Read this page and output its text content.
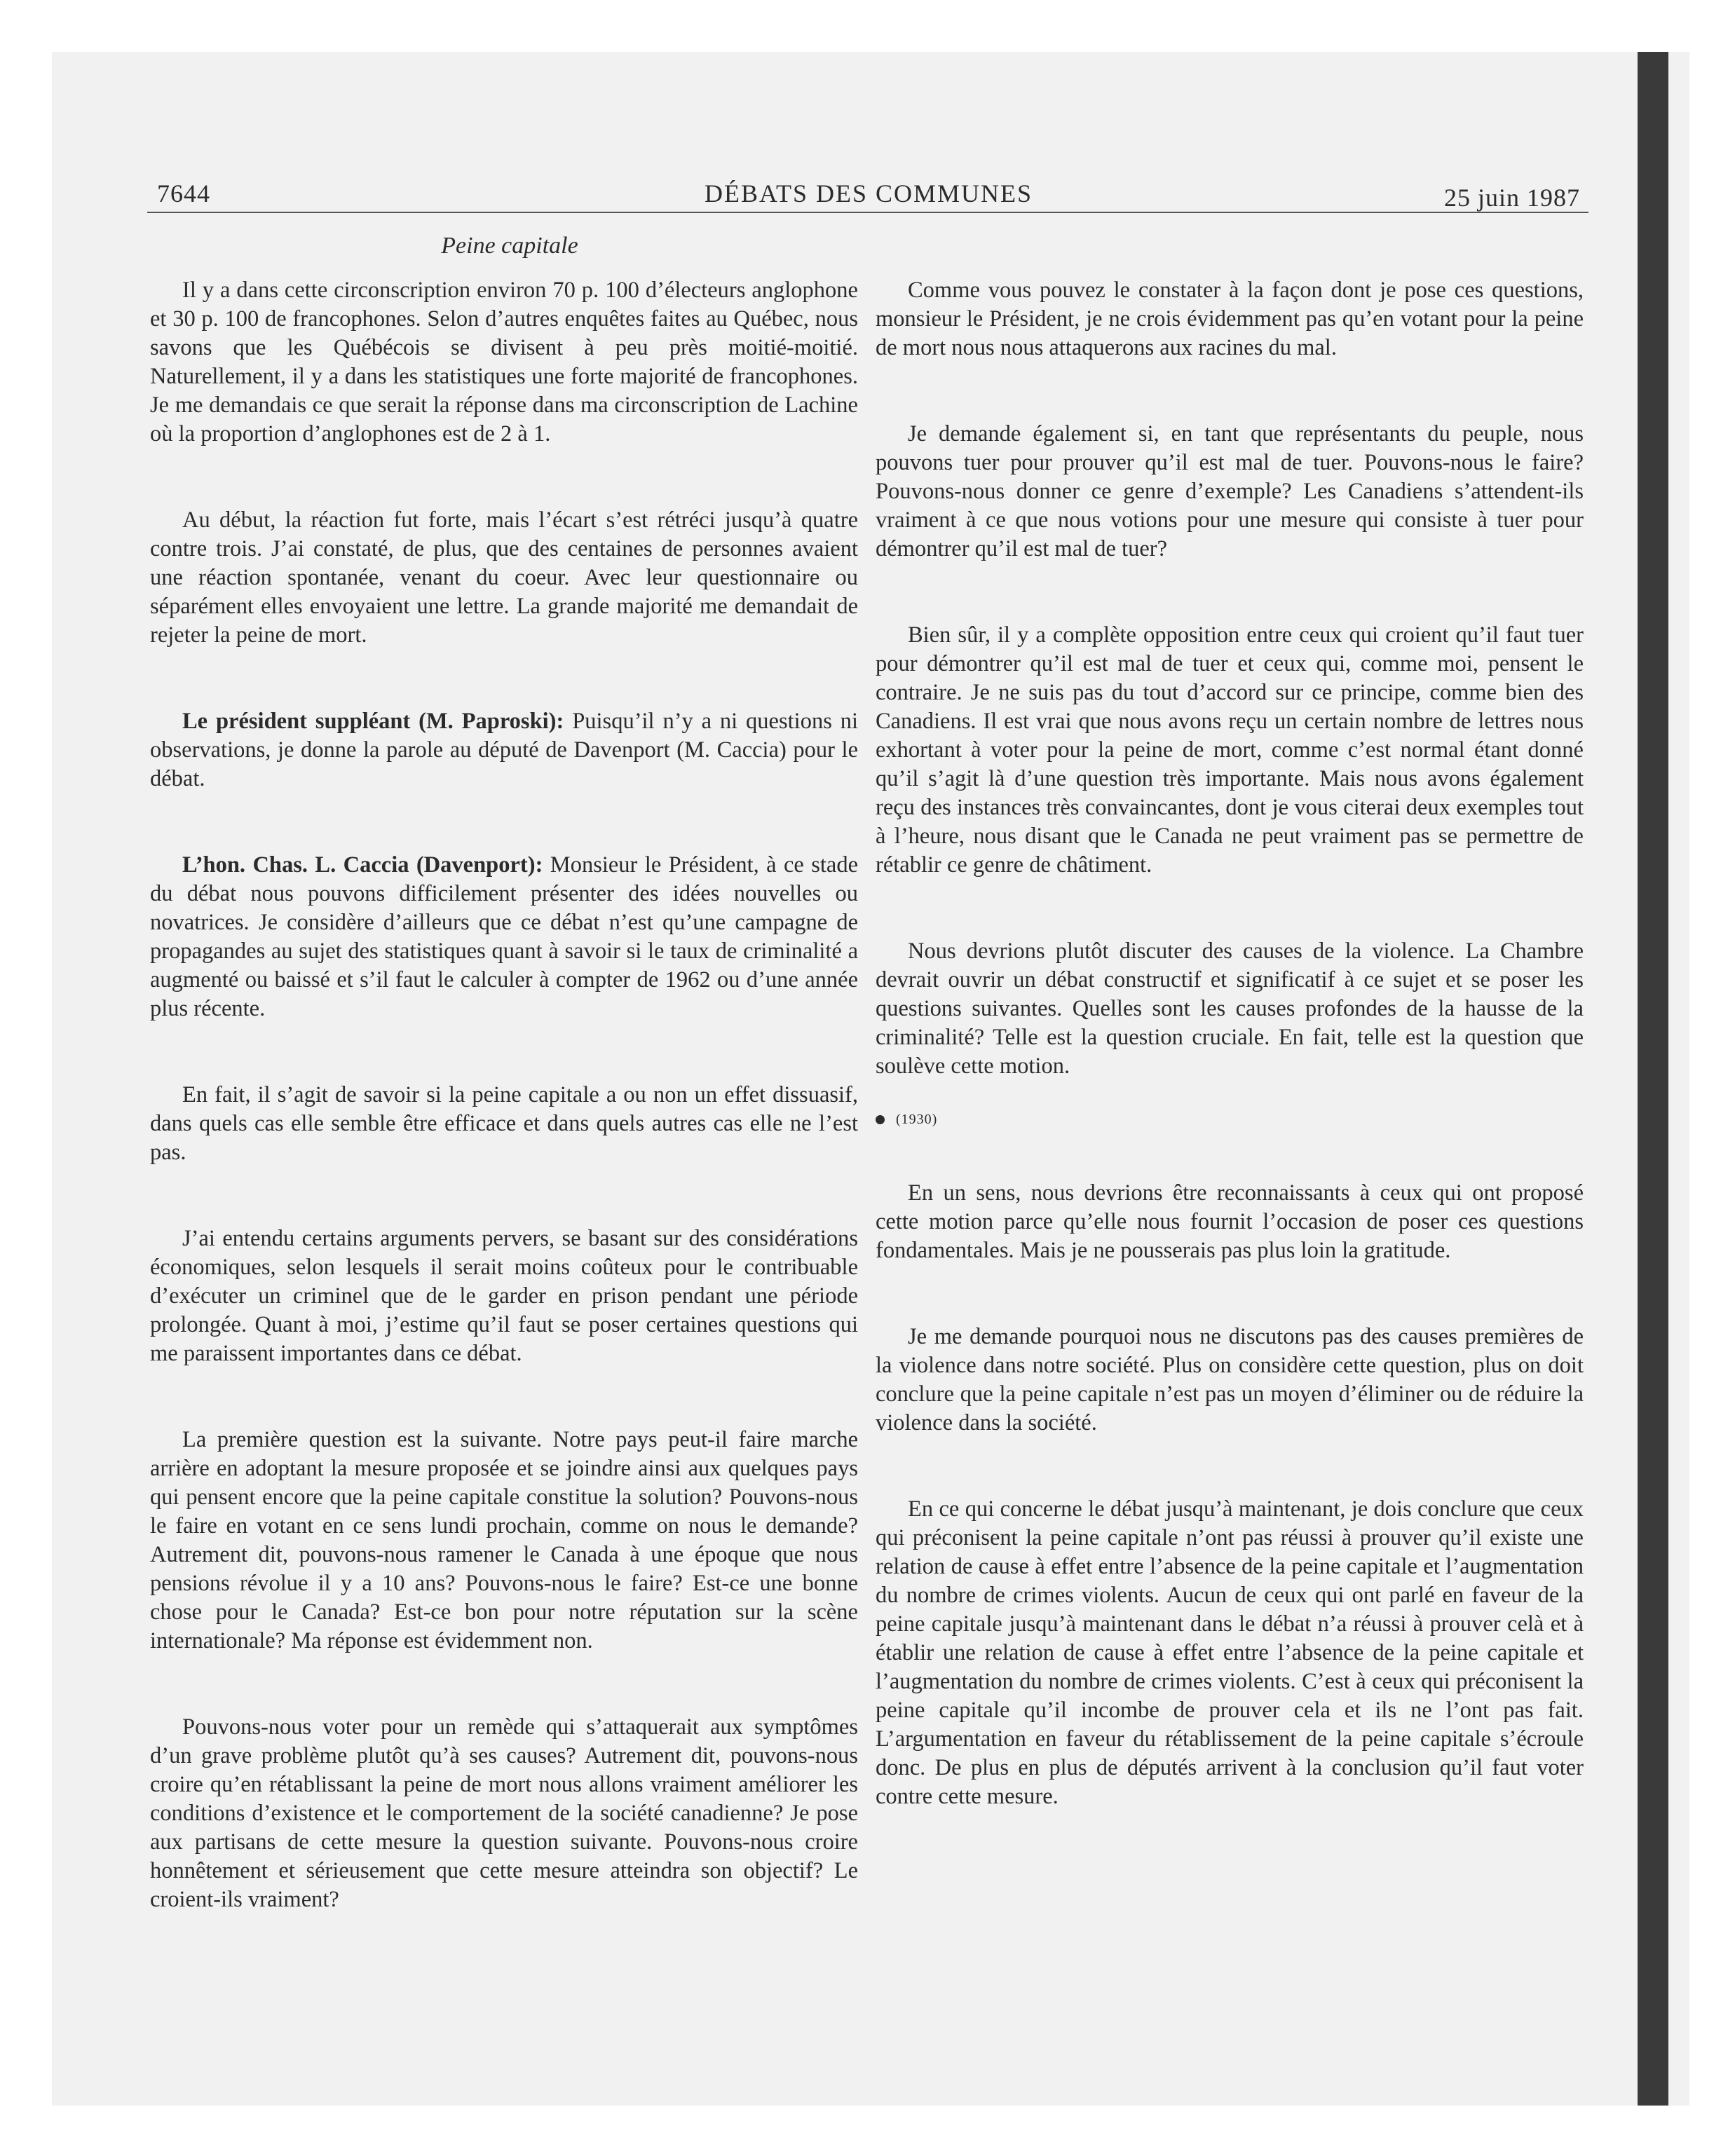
7644	DÉBATS DES COMMUNES	25 juin 1987
Peine capitale

Il y a dans cette circonscription environ 70 p. 100 d’électeurs anglophone et 30 p. 100 de francophones. Selon d’autres enquêtes faites au Québec, nous savons que les Québécois se divisent à peu près moitié-moitié. Naturellement, il y a dans les statistiques une forte majorité de francophones. Je me demandais ce que serait la réponse dans ma circonscription de Lachine où la proportion d’anglophones est de 2 à 1.

Au début, la réaction fut forte, mais l’écart s’est rétréci jusqu’à quatre contre trois. J’ai constaté, de plus, que des centaines de personnes avaient une réaction spontanée, venant du coeur. Avec leur questionnaire ou séparément elles envoyaient une lettre. La grande majorité me demandait de rejeter la peine de mort.

Le président suppléant (M. Paproski): Puisqu’il n’y a ni questions ni observations, je donne la parole au député de Davenport (M. Caccia) pour le débat.

L’hon. Chas. L. Caccia (Davenport): Monsieur le Président, à ce stade du débat nous pouvons difficilement présenter des idées nouvelles ou novatrices. Je considère d’ailleurs que ce débat n’est qu’une campagne de propagandes au sujet des statistiques quant à savoir si le taux de criminalité a augmenté ou baissé et s’il faut le calculer à compter de 1962 ou d’une année plus récente.

En fait, il s’agit de savoir si la peine capitale a ou non un effet dissuasif, dans quels cas elle semble être efficace et dans quels autres cas elle ne l’est pas.

J’ai entendu certains arguments pervers, se basant sur des considérations économiques, selon lesquels il serait moins coûteux pour le contribuable d’exécuter un criminel que de le garder en prison pendant une période prolongée. Quant à moi, j’estime qu’il faut se poser certaines questions qui me paraissent importantes dans ce débat.

La première question est la suivante. Notre pays peut-il faire marche arrière en adoptant la mesure proposée et se joindre ainsi aux quelques pays qui pensent encore que la peine capitale constitue la solution? Pouvons-nous le faire en votant en ce sens lundi prochain, comme on nous le demande? Autrement dit, pouvons-nous ramener le Canada à une époque que nous pensions révolue il y a 10 ans? Pouvons-nous le faire? Est-ce une bonne chose pour le Canada? Est-ce bon pour notre réputation sur la scène internationale? Ma réponse est évidemment non.

Pouvons-nous voter pour un remède qui s’attaquerait aux symptômes d’un grave problème plutôt qu’à ses causes? Autrement dit, pouvons-nous croire qu’en rétablissant la peine de mort nous allons vraiment améliorer les conditions d’existence et le comportement de la société canadienne? Je pose aux partisans de cette mesure la question suivante. Pouvons-nous croire honnêtement et sérieusement que cette mesure atteindra son objectif? Le croient-ils vraiment?

Comme vous pouvez le constater à la façon dont je pose ces questions, monsieur le Président, je ne crois évidemment pas qu’en votant pour la peine de mort nous nous attaquerons aux racines du mal.

Je demande également si, en tant que représentants du peuple, nous pouvons tuer pour prouver qu’il est mal de tuer. Pouvons-nous le faire? Pouvons-nous donner ce genre d’exemple? Les Canadiens s’attendent-ils vraiment à ce que nous votions pour une mesure qui consiste à tuer pour démontrer qu’il est mal de tuer?

Bien sûr, il y a complète opposition entre ceux qui croient qu’il faut tuer pour démontrer qu’il est mal de tuer et ceux qui, comme moi, pensent le contraire. Je ne suis pas du tout d’accord sur ce principe, comme bien des Canadiens. Il est vrai que nous avons reçu un certain nombre de lettres nous exhortant à voter pour la peine de mort, comme c’est normal étant donné qu’il s’agit là d’une question très importante. Mais nous avons également reçu des instances très convaincantes, dont je vous citerai deux exemples tout à l’heure, nous disant que le Canada ne peut vraiment pas se permettre de rétablir ce genre de châtiment.

Nous devrions plutôt discuter des causes de la violence. La Chambre devrait ouvrir un débat constructif et significatif à ce sujet et se poser les questions suivantes. Quelles sont les causes profondes de la hausse de la criminalité? Telle est la question cruciale. En fait, telle est la question que soulève cette motion.

(1930)

En un sens, nous devrions être reconnaissants à ceux qui ont proposé cette motion parce qu’elle nous fournit l’occasion de poser ces questions fondamentales. Mais je ne pousserais pas plus loin la gratitude.

Je me demande pourquoi nous ne discutons pas des causes premières de la violence dans notre société. Plus on considère cette question, plus on doit conclure que la peine capitale n’est pas un moyen d’éliminer ou de réduire la violence dans la société.

En ce qui concerne le débat jusqu’à maintenant, je dois conclure que ceux qui préconisent la peine capitale n’ont pas réussi à prouver qu’il existe une relation de cause à effet entre l’absence de la peine capitale et l’augmentation du nombre de crimes violents. Aucun de ceux qui ont parlé en faveur de la peine capitale jusqu’à maintenant dans le débat n’a réussi à prouver celà et à établir une relation de cause à effet entre l’absence de la peine capitale et l’augmentation du nombre de crimes violents. C’est à ceux qui préconisent la peine capitale qu’il incombe de prouver cela et ils ne l’ont pas fait. L’argumentation en faveur du rétablissement de la peine capitale s’écroule donc. De plus en plus de députés arrivent à la conclusion qu’il faut voter contre cette mesure.
